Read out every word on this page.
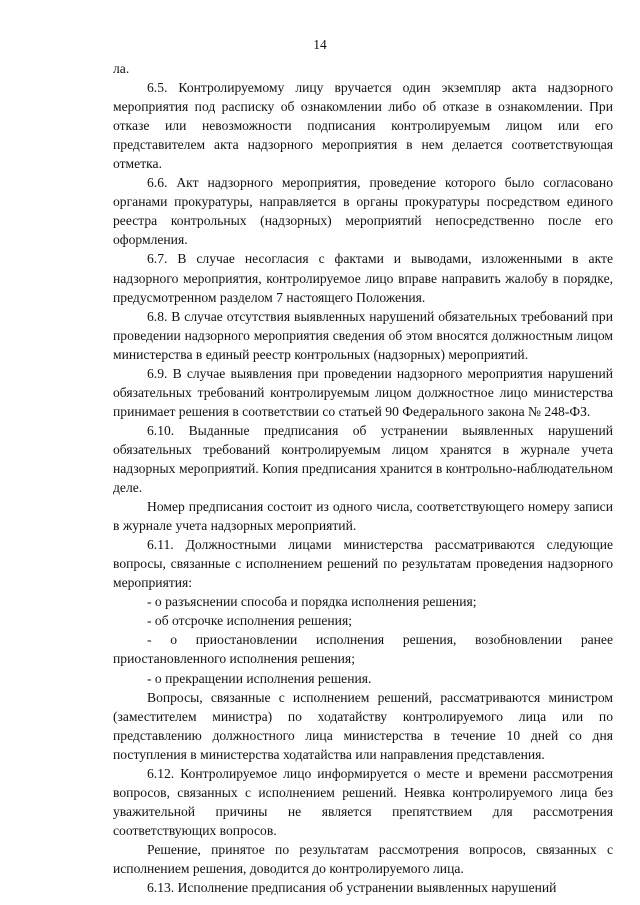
14

ла.

6.5. Контролируемому лицу вручается один экземпляр акта надзорного мероприятия под расписку об ознакомлении либо об отказе в ознакомлении. При отказе или невозможности подписания контролируемым лицом или его представителем акта надзорного мероприятия в нем делается соответствующая отметка.

6.6. Акт надзорного мероприятия, проведение которого было согласовано органами прокуратуры, направляется в органы прокуратуры посредством единого реестра контрольных (надзорных) мероприятий непосредственно после его оформления.

6.7. В случае несогласия с фактами и выводами, изложенными в акте надзорного мероприятия, контролируемое лицо вправе направить жалобу в порядке, предусмотренном разделом 7 настоящего Положения.

6.8. В случае отсутствия выявленных нарушений обязательных требований при проведении надзорного мероприятия сведения об этом вносятся должностным лицом министерства в единый реестр контрольных (надзорных) мероприятий.

6.9. В случае выявления при проведении надзорного мероприятия нарушений обязательных требований контролируемым лицом должностное лицо министерства принимает решения в соответствии со статьей 90 Федерального закона № 248-ФЗ.

6.10. Выданные предписания об устранении выявленных нарушений обязательных требований контролируемым лицом хранятся в журнале учета надзорных мероприятий. Копия предписания хранится в контрольно-наблюдательном деле.

Номер предписания состоит из одного числа, соответствующего номеру записи в журнале учета надзорных мероприятий.

6.11. Должностными лицами министерства рассматриваются следующие вопросы, связанные с исполнением решений по результатам проведения надзорного мероприятия:

- о разъяснении способа и порядка исполнения решения;

- об отсрочке исполнения решения;

- о приостановлении исполнения решения, возобновлении ранее приостановленного исполнения решения;

- о прекращении исполнения решения.

Вопросы, связанные с исполнением решений, рассматриваются министром (заместителем министра) по ходатайству контролируемого лица или по представлению должностного лица министерства в течение 10 дней со дня поступления в министерства ходатайства или направления представления.

6.12. Контролируемое лицо информируется о месте и времени рассмотрения вопросов, связанных с исполнением решений. Неявка контролируемого лица без уважительной причины не является препятствием для рассмотрения соответствующих вопросов.

Решение, принятое по результатам рассмотрения вопросов, связанных с исполнением решения, доводится до контролируемого лица.

6.13. Исполнение предписания об устранении выявленных нарушений
